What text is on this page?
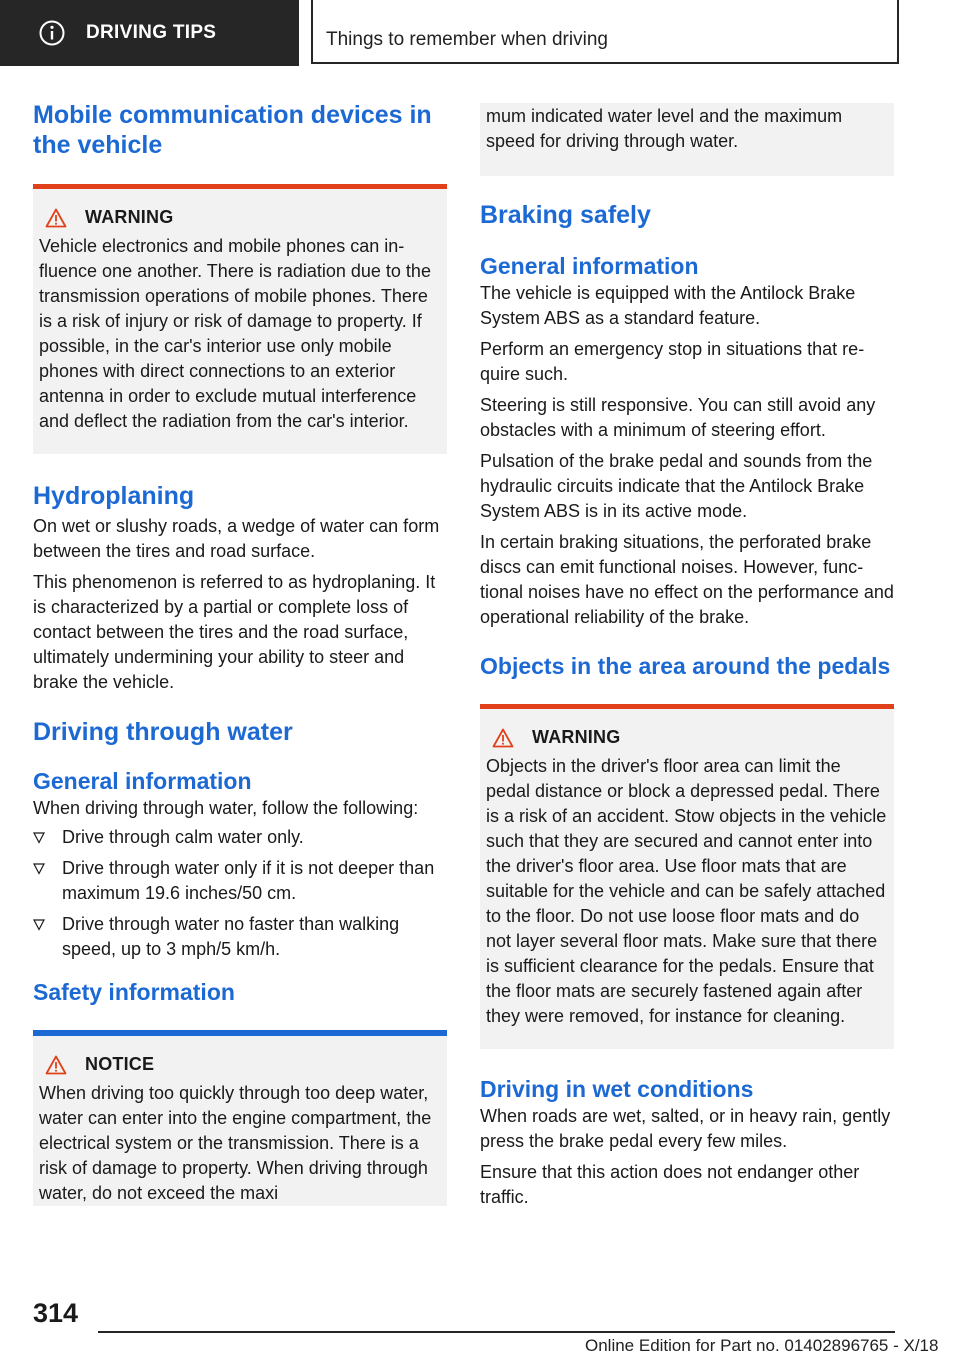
DRIVING TIPS	Things to remember when driving
Mobile communication devices in the vehicle
WARNING

Vehicle electronics and mobile phones can influence one another. There is radiation due to the transmission operations of mobile phones. There is a risk of injury or risk of damage to property. If possible, in the car's interior use only mobile phones with direct connections to an exterior antenna in order to exclude mutual interference and deflect the radiation from the car's interior.

Hydroplaning

On wet or slushy roads, a wedge of water can form between the tires and road surface.

This phenomenon is referred to as hydroplaning. It is characterized by a partial or complete loss of contact between the tires and the road surface, ultimately undermining your ability to steer and brake the vehicle.

Driving through water
General information

When driving through water, follow the following:

Drive through calm water only.
Drive through water only if it is not deeper than maximum 19.6 inches/50 cm.
Drive through water no faster than walking speed, up to 3 mph/5 km/h.
Safety information
NOTICE

When driving too quickly through too deep water, water can enter into the engine compartment, the electrical system or the transmission. There is a risk of damage to property. When driving through water, do not exceed the maxi

mum indicated water level and the maximum speed for driving through water.

Braking safely
General information

The vehicle is equipped with the Antilock Brake System ABS as a standard feature.

Perform an emergency stop in situations that require such.

Steering is still responsive. You can still avoid any obstacles with a minimum of steering effort.

Pulsation of the brake pedal and sounds from the hydraulic circuits indicate that the Antilock Brake System ABS is in its active mode.

In certain braking situations, the perforated brake discs can emit functional noises. However, functional noises have no effect on the performance and operational reliability of the brake.

Objects in the area around the pedals
WARNING

Objects in the driver's floor area can limit the pedal distance or block a depressed pedal. There is a risk of an accident. Stow objects in the vehicle such that they are secured and cannot enter into the driver's floor area. Use floor mats that are suitable for the vehicle and can be safely attached to the floor. Do not use loose floor mats and do not layer several floor mats. Make sure that there is sufficient clearance for the pedals. Ensure that the floor mats are securely fastened again after they were removed, for instance for cleaning.

Driving in wet conditions

When roads are wet, salted, or in heavy rain, gently press the brake pedal every few miles.

Ensure that this action does not endanger other traffic.

314
Online Edition for Part no. 01402896765 - X/18
